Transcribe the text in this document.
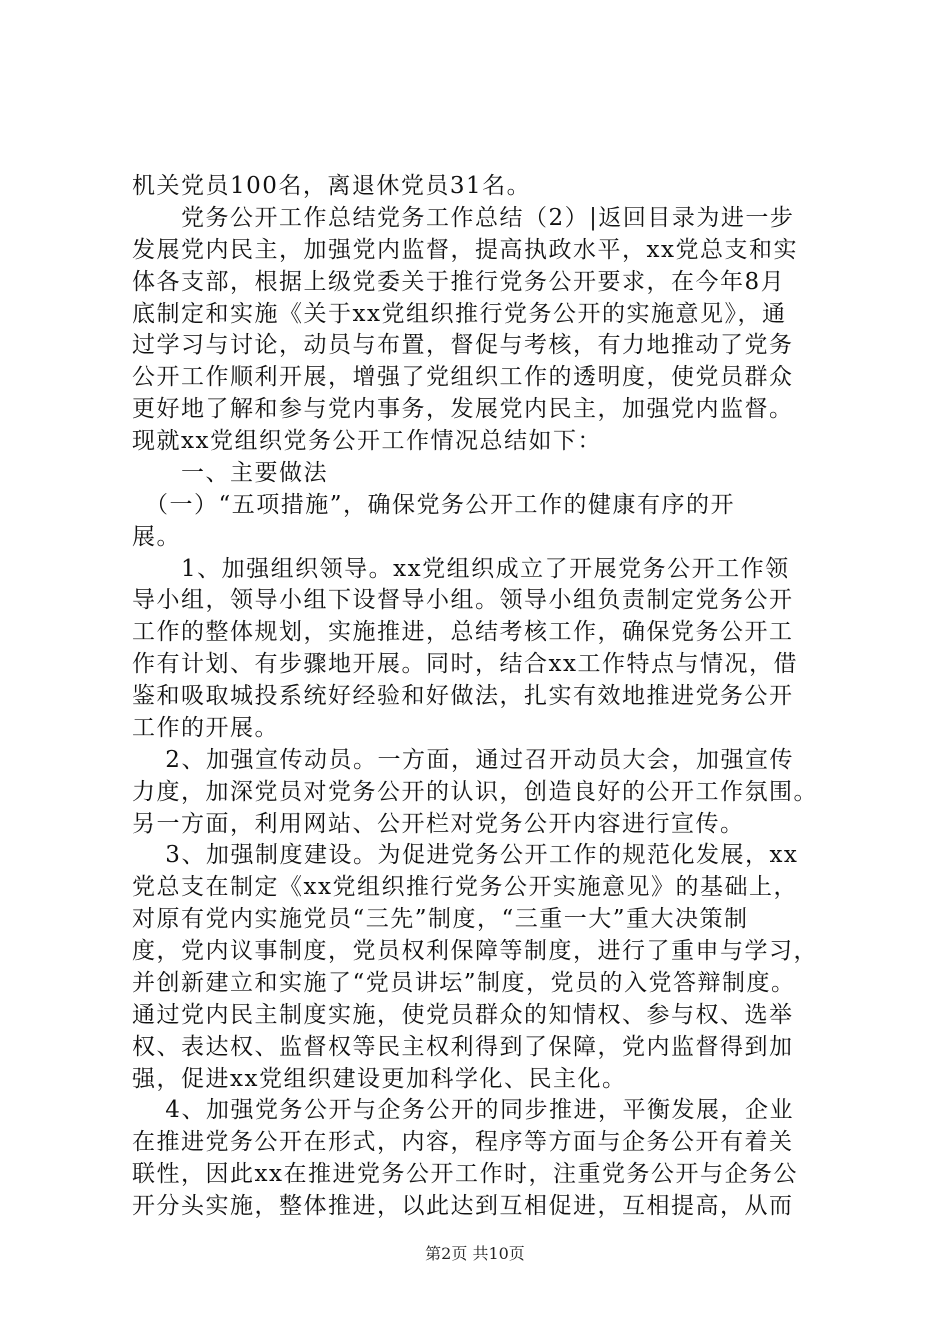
机关党员100名，离退休党员31名。
　　党务公开工作总结党务工作总结（2）|返回目录为进一步
发展党内民主，加强党内监督，提高执政水平，xx党总支和实
体各支部，根据上级党委关于推行党务公开要求，在今年8月
底制定和实施《关于xx党组织推行党务公开的实施意见》，通
过学习与讨论，动员与布置，督促与考核，有力地推动了党务
公开工作顺利开展，增强了党组织工作的透明度，使党员群众
更好地了解和参与党内事务，发展党内民主，加强党内监督。
现就xx党组织党务公开工作情况总结如下：
　　一、主要做法
　（一）“五项措施”，确保党务公开工作的健康有序的开
展。
　　1、加强组织领导。xx党组织成立了开展党务公开工作领
导小组，领导小组下设督导小组。领导小组负责制定党务公开
工作的整体规划，实施推进，总结考核工作，确保党务公开工
作有计划、有步骤地开展。同时，结合xx工作特点与情况，借
鉴和吸取城投系统好经验和好做法，扎实有效地推进党务公开
工作的开展。
　 2、加强宣传动员。一方面，通过召开动员大会，加强宣传
力度，加深党员对党务公开的认识，创造良好的公开工作氛围。
另一方面，利用网站、公开栏对党务公开内容进行宣传。
　 3、加强制度建设。为促进党务公开工作的规范化发展，xx
党总支在制定《xx党组织推行党务公开实施意见》的基础上，
对原有党内实施党员“三先”制度，“三重一大”重大决策制
度，党内议事制度，党员权利保障等制度，进行了重申与学习，
并创新建立和实施了“党员讲坛”制度，党员的入党答辩制度。
通过党内民主制度实施，使党员群众的知情权、参与权、选举
权、表达权、监督权等民主权利得到了保障，党内监督得到加
强，促进xx党组织建设更加科学化、民主化。
　 4、加强党务公开与企务公开的同步推进，平衡发展，企业
在推进党务公开在形式，内容，程序等方面与企务公开有着关
联性，因此xx在推进党务公开工作时，注重党务公开与企务公
开分头实施，整体推进，以此达到互相促进，互相提高，从而
第2页 共10页
